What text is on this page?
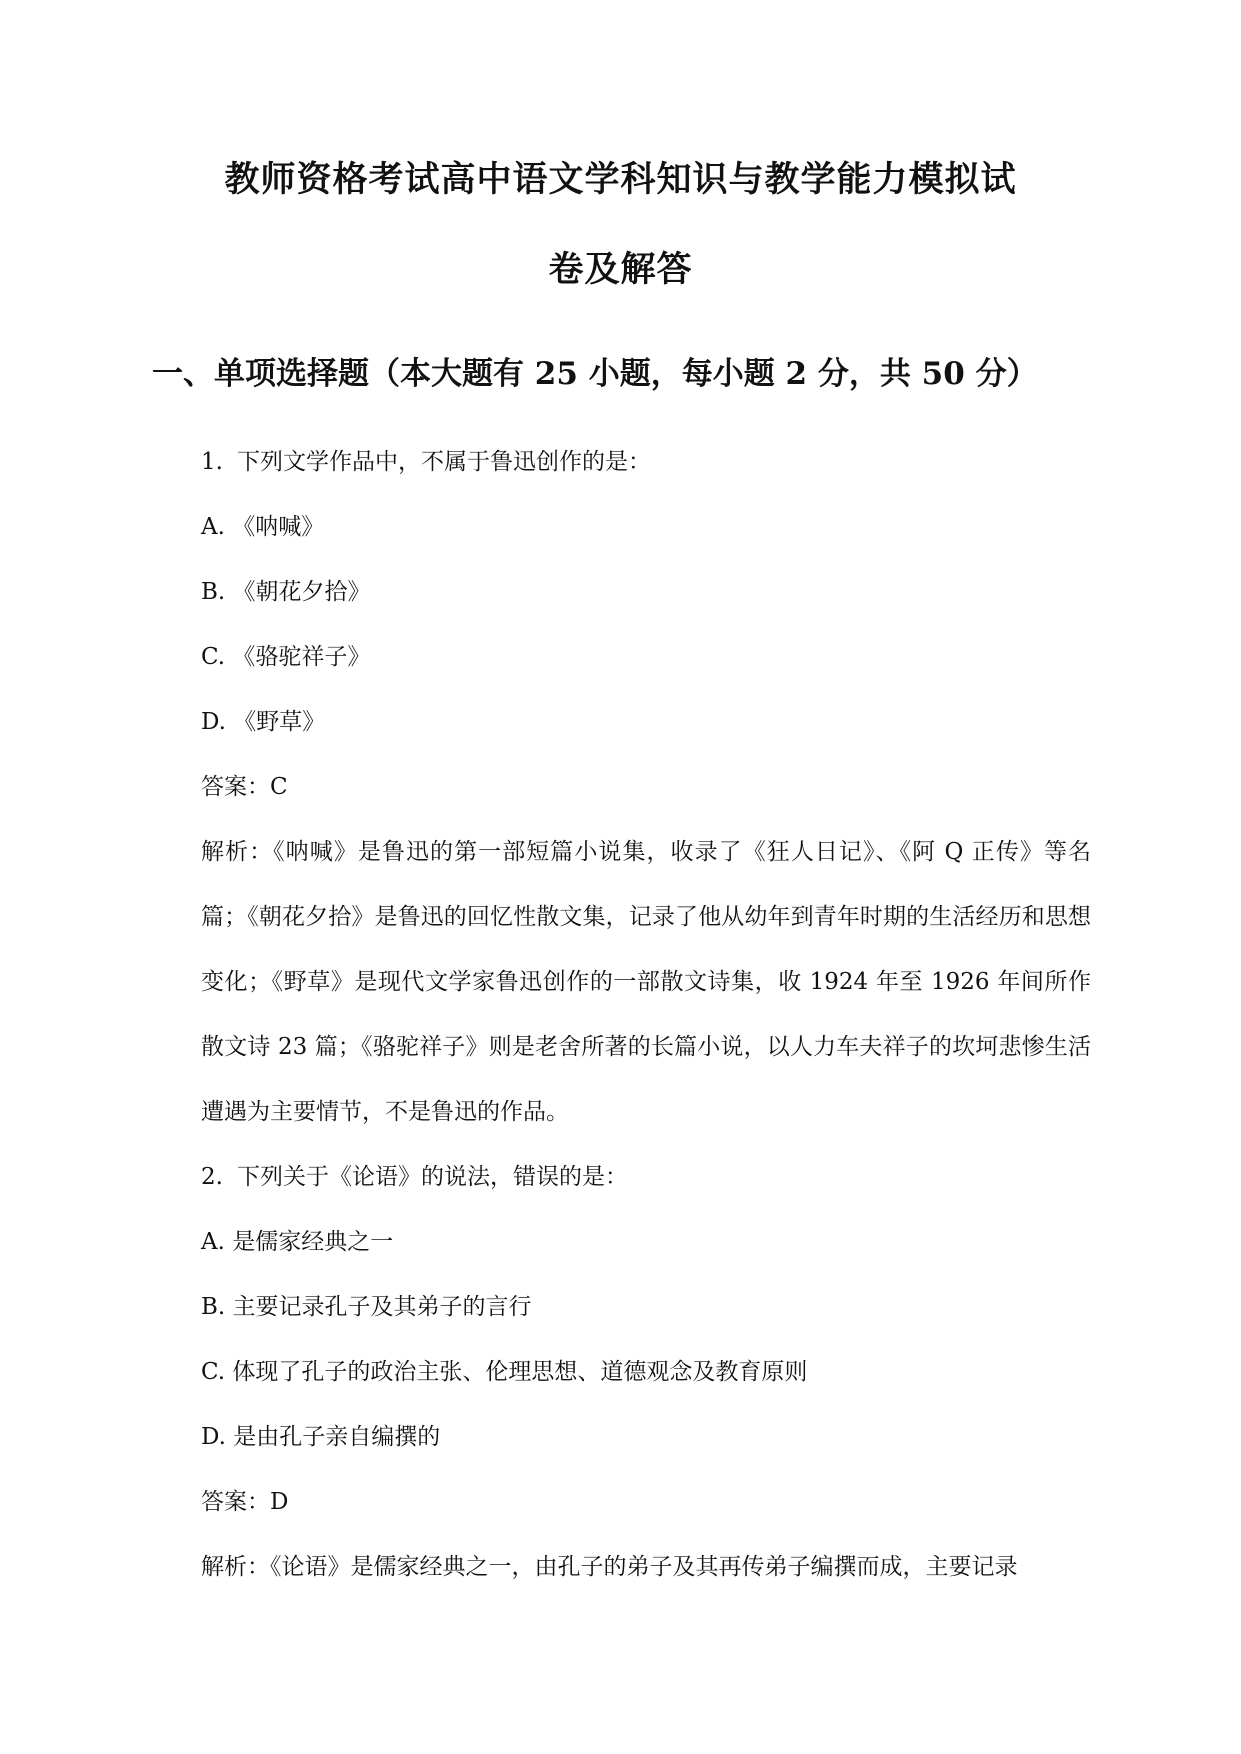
教师资格考试高中语文学科知识与教学能力模拟试
卷及解答
一、单项选择题（本大题有 25 小题，每小题 2 分，共 50 分）

1. 下列文学作品中，不属于鲁迅创作的是：

A. 《呐喊》

B. 《朝花夕拾》

C. 《骆驼祥子》

D. 《野草》

答案：C

解析：《呐喊》是鲁迅的第一部短篇小说集，收录了《狂人日记》、《阿 Q 正传》等名篇；《朝花夕拾》是鲁迅的回忆性散文集，记录了他从幼年到青年时期的生活经历和思想变化；《野草》是现代文学家鲁迅创作的一部散文诗集，收 1924 年至 1926 年间所作散文诗 23 篇；《骆驼祥子》则是老舍所著的长篇小说，以人力车夫祥子的坎坷悲惨生活遭遇为主要情节，不是鲁迅的作品。

2. 下列关于《论语》的说法，错误的是：

A. 是儒家经典之一

B. 主要记录孔子及其弟子的言行

C. 体现了孔子的政治主张、伦理思想、道德观念及教育原则

D. 是由孔子亲自编撰的

答案：D

解析：《论语》是儒家经典之一，由孔子的弟子及其再传弟子编撰而成，主要记录
